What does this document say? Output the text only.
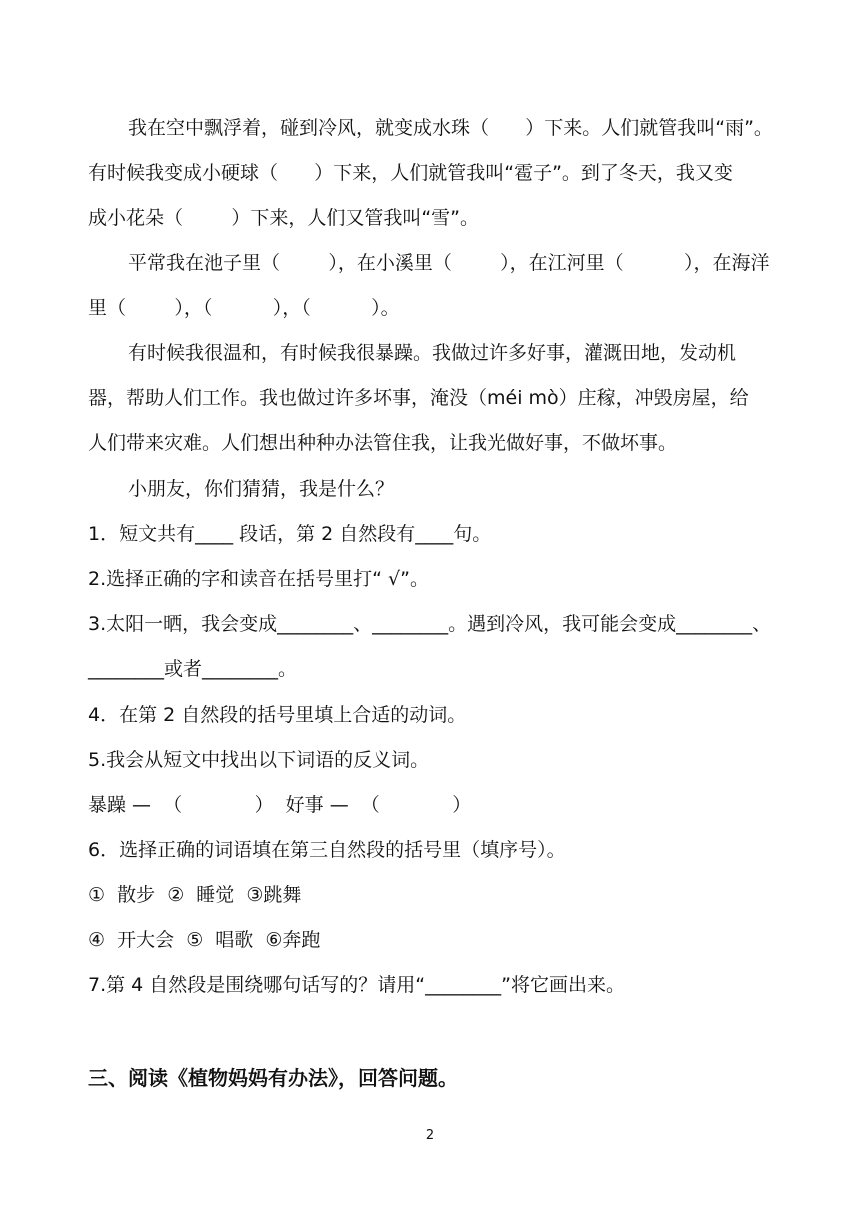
我在空中飘浮着，碰到冷风，就变成水珠（      ）下来。人们就管我叫“雨”。
有时候我变成小硬球（      ）下来，人们就管我叫“雹子”。到了冬天，我又变
成小花朵（        ）下来，人们又管我叫“雪”。
平常我在池子里（        ），在小溪里（        ），在江河里（          ），在海洋
里（        ），（          ），（          ）。
有时候我很温和，有时候我很暴躁。我做过许多好事，灌溉田地，发动机
器，帮助人们工作。我也做过许多坏事，淹没（méi mò）庄稼，冲毁房屋，给
人们带来灾难。人们想出种种办法管住我，让我光做好事，不做坏事。
小朋友，你们猜猜，我是什么？
1．短文共有____ 段话，第 2 自然段有____句。
2.选择正确的字和读音在括号里打“ √”。
3.太阳一晒，我会变成________、________。遇到冷风，我可能会变成________、
________或者________。
4．在第 2 自然段的括号里填上合适的动词。
5.我会从短文中找出以下词语的反义词。
暴躁 —  （            ）  好事 —  （            ）
6．选择正确的词语填在第三自然段的括号里（填序号）。
①  散步  ②  睡觉  ③跳舞
④  开大会  ⑤  唱歌  ⑥奔跑
7.第 4 自然段是围绕哪句话写的？请用“________”将它画出来。
三、阅读《植物妈妈有办法》，回答问题。
2
